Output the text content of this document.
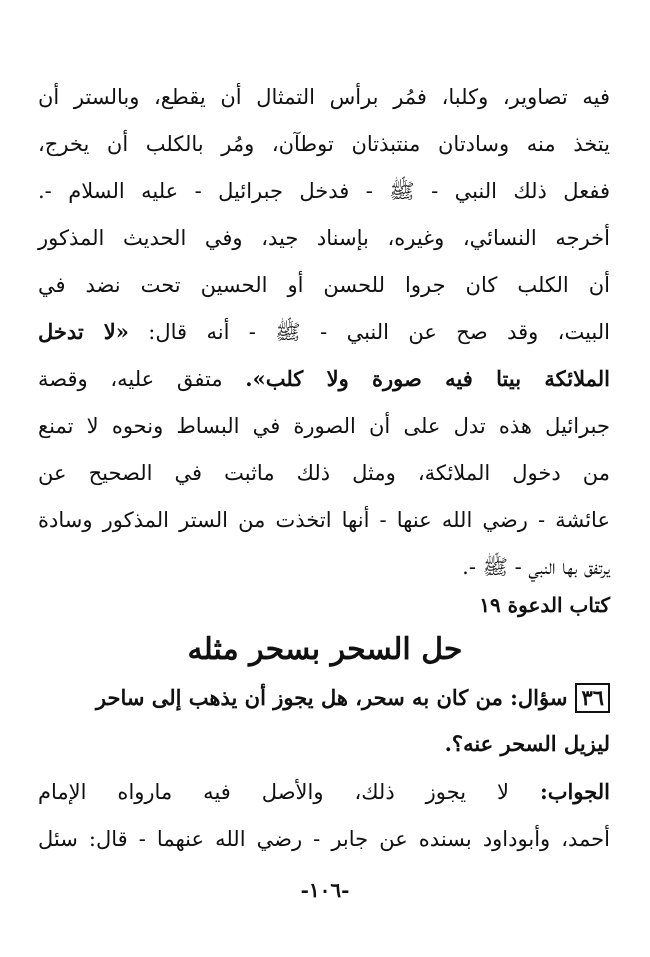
فيه تصاوير، وكلبا، فمُر برأس التمثال أن يقطع، وبالستر أن
يتخذ منه وسادتان منتبذتان توطآن، ومُر بالكلب أن يخرج،
ففعل ذلك النبي - ﷺ - فدخل جبرائيل - عليه السلام -.
أخرجه النسائي، وغيره، بإسناد جيد، وفي الحديث المذكور
أن الكلب كان جروا للحسن أو الحسين تحت نضد في
البيت، وقد صح عن النبي - ﷺ - أنه قال: «لا تدخل
الملائكة بيتا فيه صورة ولا كلب». متفق عليه، وقصة
جبرائيل هذه تدل على أن الصورة في البساط ونحوه لا تمنع
من دخول الملائكة، ومثل ذلك ماثبت في الصحيح عن
عائشة - رضي الله عنها - أنها اتخذت من الستر المذكور وسادة
يرتفق بها النبي - ﷺ -.
كتاب الدعوة ١٩
حل السحر بسحر مثله
٣٦سؤال: من كان به سحر، هل يجوز أن يذهب إلى ساحر
ليزيل السحر عنه؟.
الجواب: لا يجوز ذلك، والأصل فيه مارواه الإمام
أحمد، وأبوداود بسنده عن جابر - رضي الله عنهما - قال: سئل
-١٠٦-
